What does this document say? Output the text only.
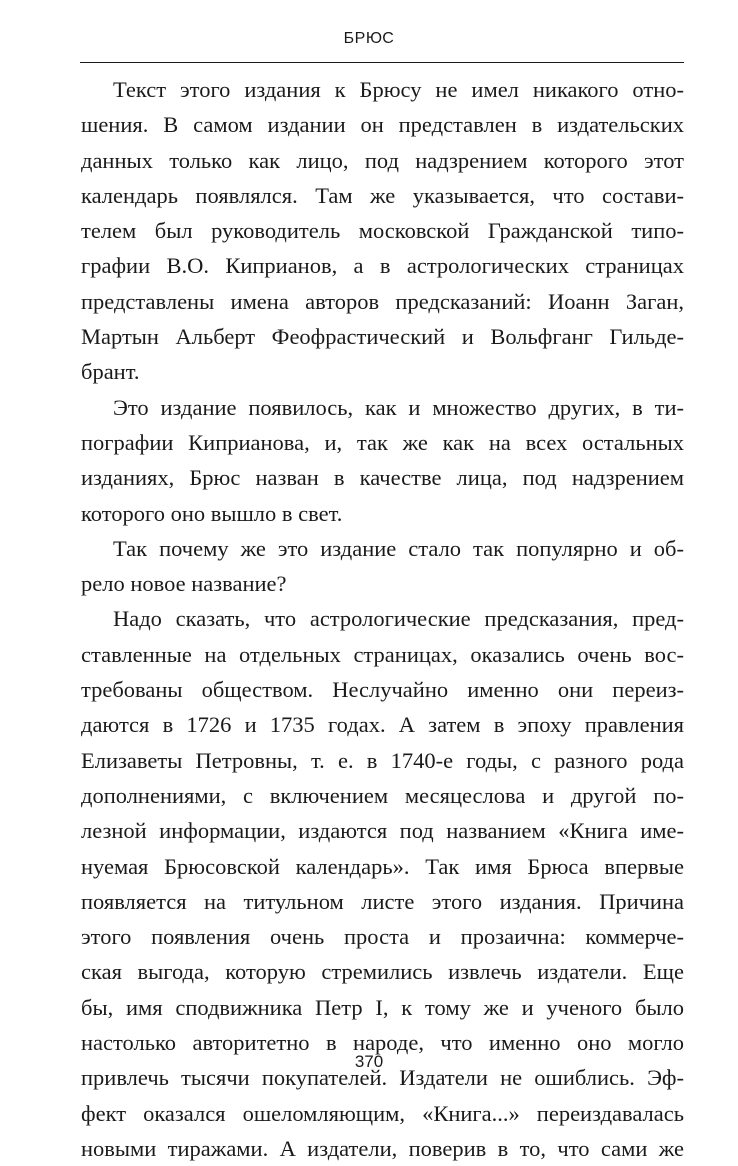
БРЮС
Текст этого издания к Брюсу не имел никакого отно-
шения. В самом издании он представлен в издательских
данных только как лицо, под надзрением которого этот
календарь появлялся. Там же указывается, что состави-
телем был руководитель московской Гражданской типо-
графии В.О. Киприанов, а в астрологических страницах
представлены имена авторов предсказаний: Иоанн Заган,
Мартын Альберт Феофрастический и Вольфганг Гильде-
брант.
Это издание появилось, как и множество других, в ти-
пографии Киприанова, и, так же как на всех остальных
изданиях, Брюс назван в качестве лица, под надзрением
которого оно вышло в свет.
Так почему же это издание стало так популярно и об-
рело новое название?
Надо сказать, что астрологические предсказания, пред-
ставленные на отдельных страницах, оказались очень вос-
требованы обществом. Неслучайно именно они переиз-
даются в 1726 и 1735 годах. А затем в эпоху правления
Елизаветы Петровны, т. е. в 1740-е годы, с разного рода
дополнениями, с включением месяцеслова и другой по-
лезной информации, издаются под названием «Книга име-
нуемая Брюсовской календарь». Так имя Брюса впервые
появляется на титульном листе этого издания. Причина
этого появления очень проста и прозаична: коммерче-
ская выгода, которую стремились извлечь издатели. Еще
бы, имя сподвижника Петр I, к тому же и ученого было
настолько авторитетно в народе, что именно оно могло
привлечь тысячи покупателей. Издатели не ошиблись. Эф-
фект оказался ошеломляющим, «Книга...» переиздавалась
новыми тиражами. А издатели, поверив в то, что сами же
370
